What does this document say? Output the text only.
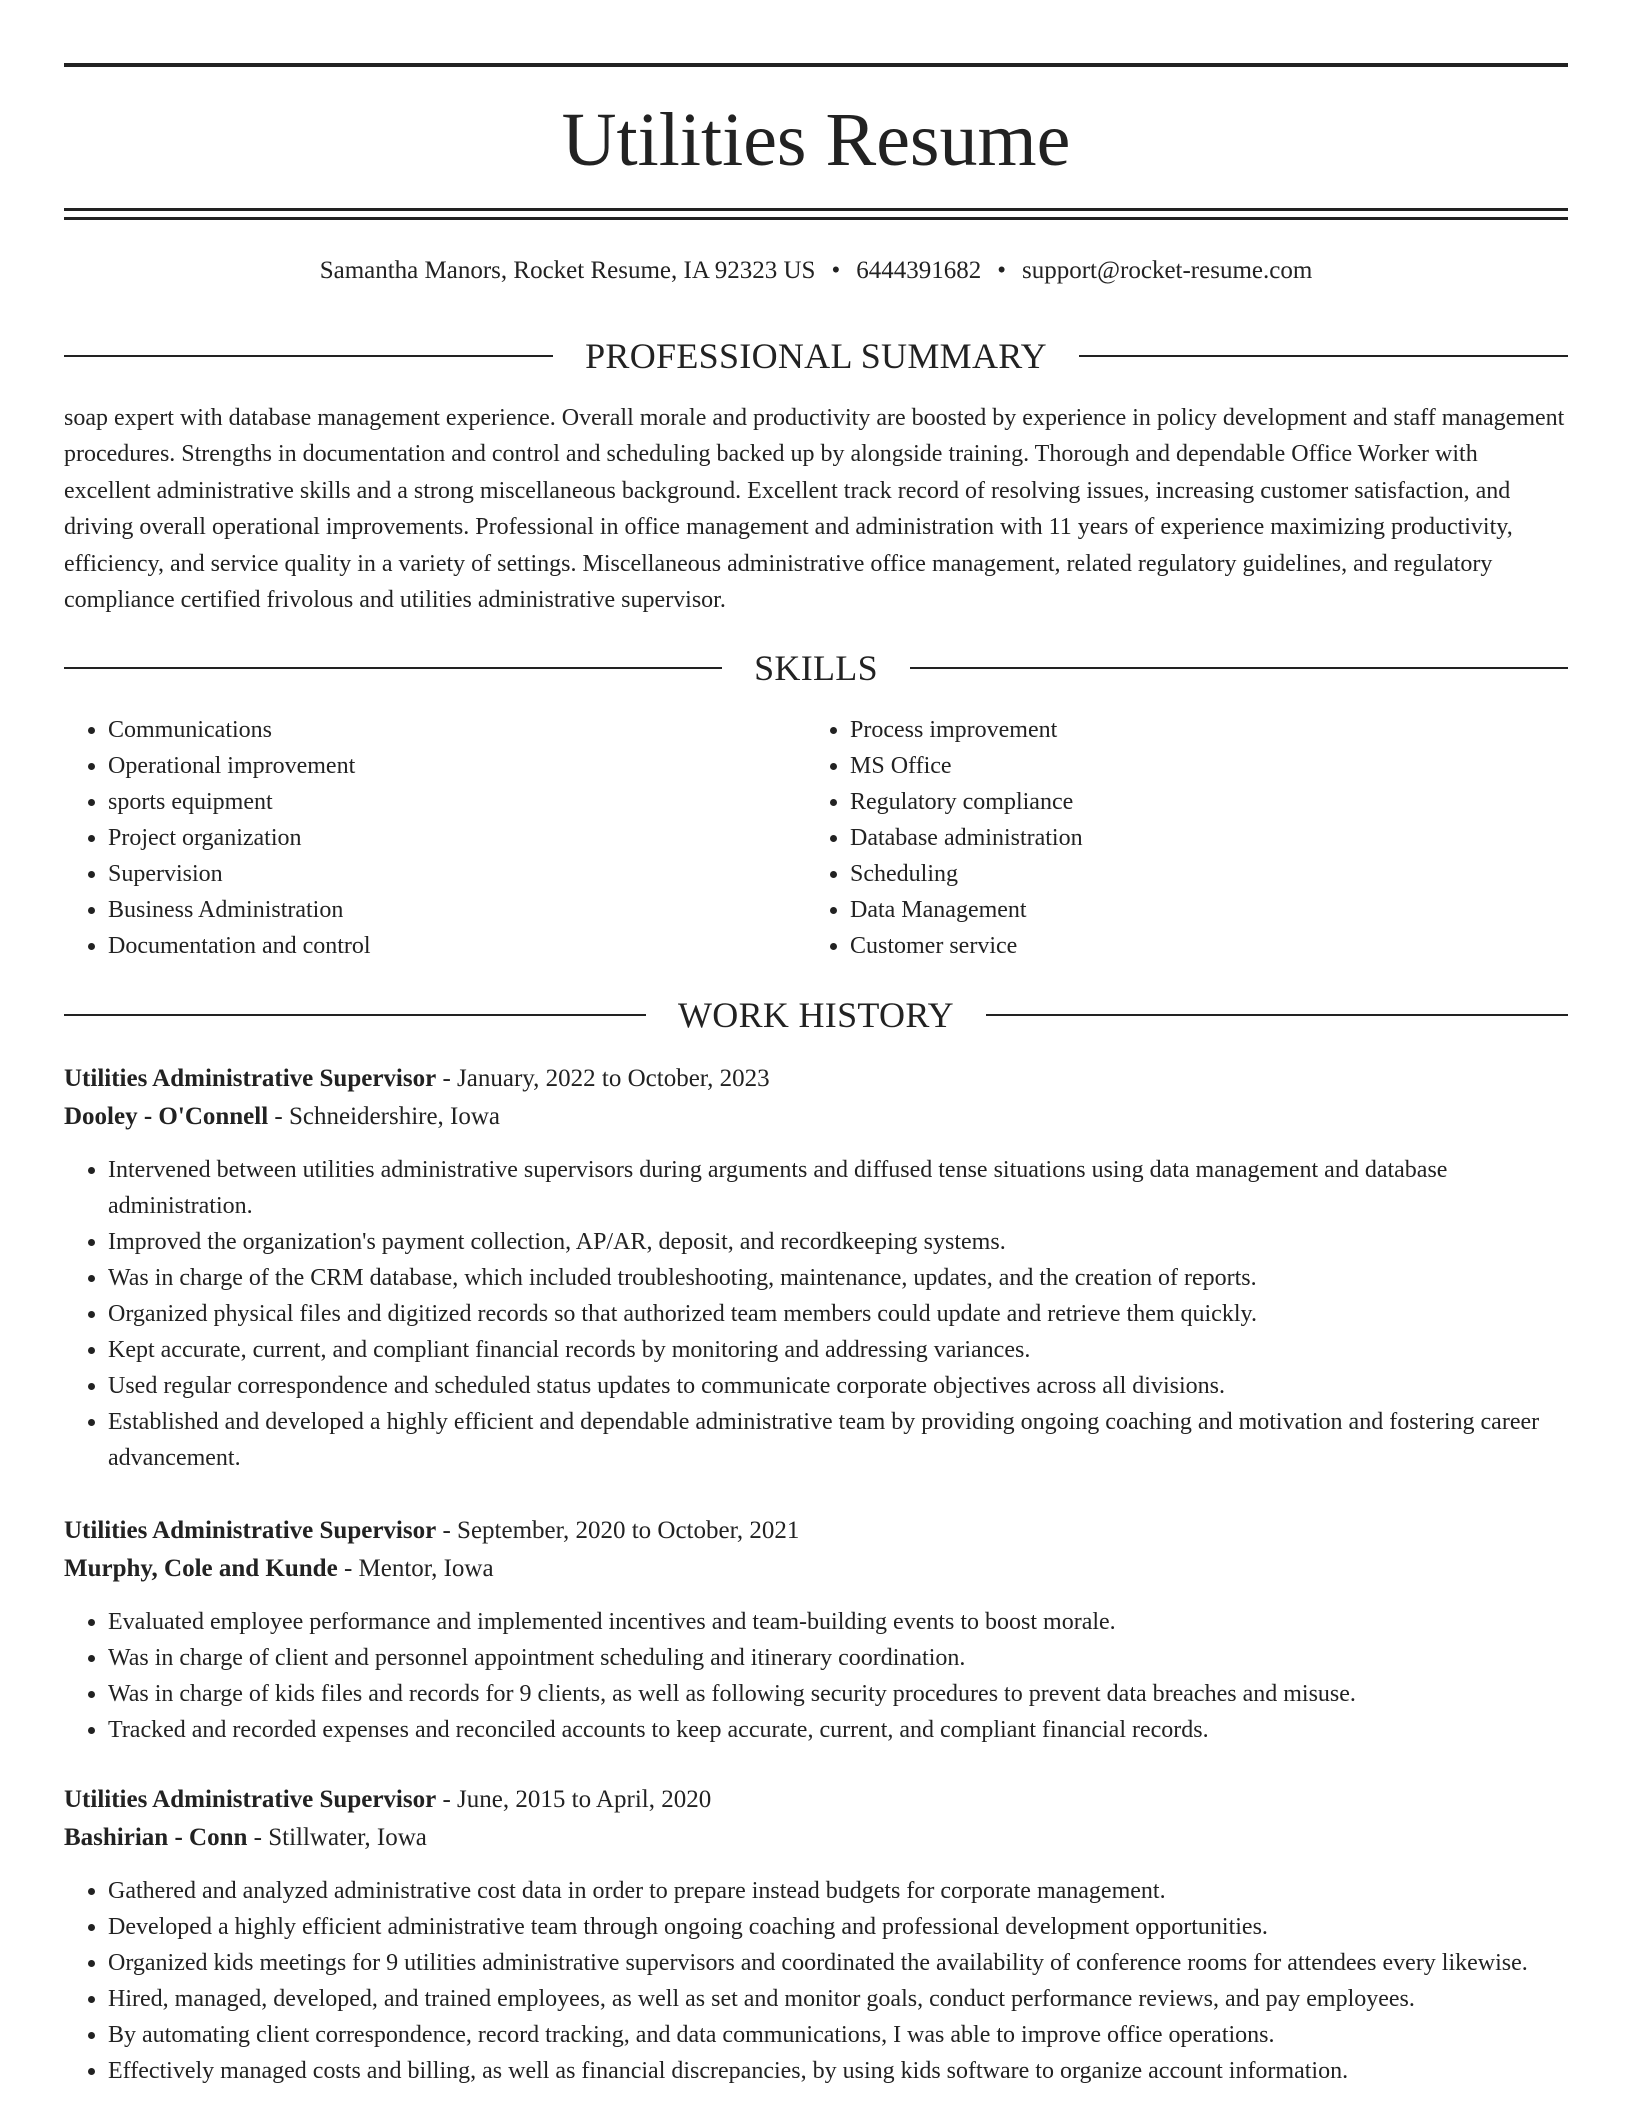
Utilities Resume
Samantha Manors, Rocket Resume, IA 92323 US • 6444391682 • support@rocket-resume.com
PROFESSIONAL SUMMARY

soap expert with database management experience. Overall morale and productivity are boosted by experience in policy development and staff management procedures. Strengths in documentation and control and scheduling backed up by alongside training. Thorough and dependable Office Worker with excellent administrative skills and a strong miscellaneous background. Excellent track record of resolving issues, increasing customer satisfaction, and driving overall operational improvements. Professional in office management and administration with 11 years of experience maximizing productivity, efficiency, and service quality in a variety of settings. Miscellaneous administrative office management, related regulatory guidelines, and regulatory compliance certified frivolous and utilities administrative supervisor.

SKILLS
• Communications
• Operational improvement
• sports equipment
• Project organization
• Supervision
• Business Administration
• Documentation and control
• Process improvement
• MS Office
• Regulatory compliance
• Database administration
• Scheduling
• Data Management
• Customer service
WORK HISTORY
Utilities Administrative Supervisor - January, 2022 to October, 2023
Dooley - O'Connell - Schneidershire, Iowa
• Intervened between utilities administrative supervisors during arguments and diffused tense situations using data management and database administration.
• Improved the organization's payment collection, AP/AR, deposit, and recordkeeping systems.
• Was in charge of the CRM database, which included troubleshooting, maintenance, updates, and the creation of reports.
• Organized physical files and digitized records so that authorized team members could update and retrieve them quickly.
• Kept accurate, current, and compliant financial records by monitoring and addressing variances.
• Used regular correspondence and scheduled status updates to communicate corporate objectives across all divisions.
• Established and developed a highly efficient and dependable administrative team by providing ongoing coaching and motivation and fostering career advancement.
Utilities Administrative Supervisor - September, 2020 to October, 2021
Murphy, Cole and Kunde - Mentor, Iowa
• Evaluated employee performance and implemented incentives and team-building events to boost morale.
• Was in charge of client and personnel appointment scheduling and itinerary coordination.
• Was in charge of kids files and records for 9 clients, as well as following security procedures to prevent data breaches and misuse.
• Tracked and recorded expenses and reconciled accounts to keep accurate, current, and compliant financial records.
Utilities Administrative Supervisor - June, 2015 to April, 2020
Bashirian - Conn - Stillwater, Iowa
• Gathered and analyzed administrative cost data in order to prepare instead budgets for corporate management.
• Developed a highly efficient administrative team through ongoing coaching and professional development opportunities.
• Organized kids meetings for 9 utilities administrative supervisors and coordinated the availability of conference rooms for attendees every likewise.
• Hired, managed, developed, and trained employees, as well as set and monitor goals, conduct performance reviews, and pay employees.
• By automating client correspondence, record tracking, and data communications, I was able to improve office operations.
• Effectively managed costs and billing, as well as financial discrepancies, by using kids software to organize account information.
